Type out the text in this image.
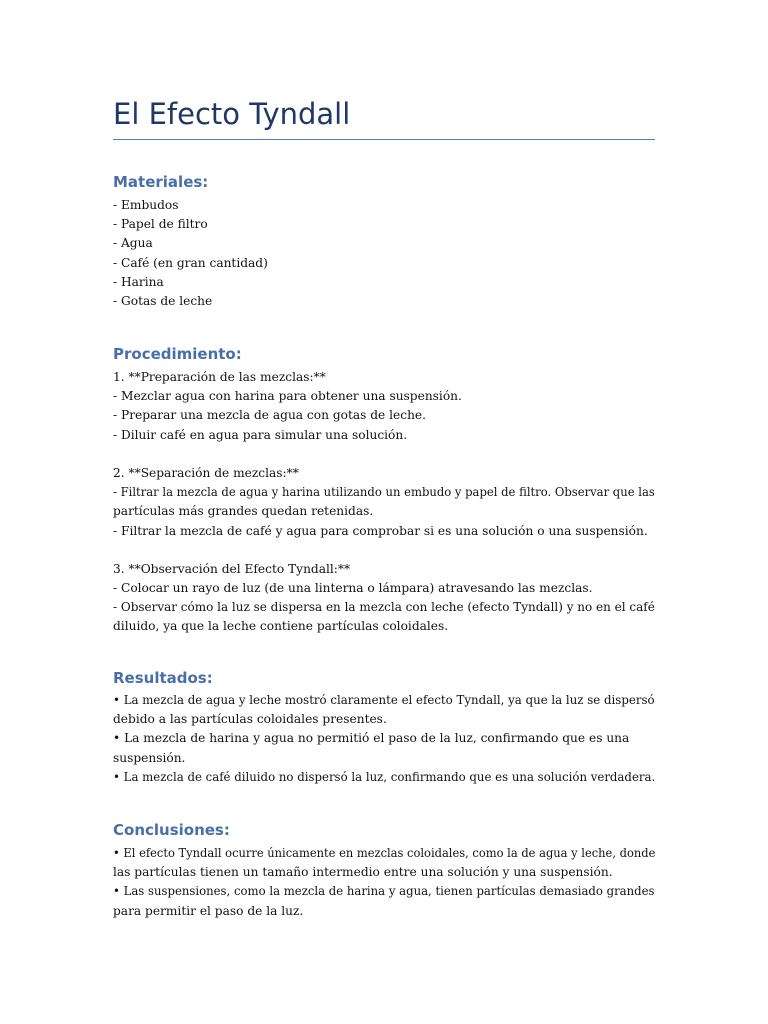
El Efecto Tyndall
Materiales:
- Embudos
- Papel de filtro
- Agua
- Café (en gran cantidad)
- Harina
- Gotas de leche
Procedimiento:
1. **Preparación de las mezclas:**
- Mezclar agua con harina para obtener una suspensión.
- Preparar una mezcla de agua con gotas de leche.
- Diluir café en agua para simular una solución.
2. **Separación de mezclas:**
- Filtrar la mezcla de agua y harina utilizando un embudo y papel de filtro. Observar que las
partículas más grandes quedan retenidas.
- Filtrar la mezcla de café y agua para comprobar si es una solución o una suspensión.
3. **Observación del Efecto Tyndall:**
- Colocar un rayo de luz (de una linterna o lámpara) atravesando las mezclas.
- Observar cómo la luz se dispersa en la mezcla con leche (efecto Tyndall) y no en el café
diluido, ya que la leche contiene partículas coloidales.
Resultados:
• La mezcla de agua y leche mostró claramente el efecto Tyndall, ya que la luz se dispersó
debido a las partículas coloidales presentes.
• La mezcla de harina y agua no permitió el paso de la luz, confirmando que es una
suspensión.
• La mezcla de café diluido no dispersó la luz, confirmando que es una solución verdadera.
Conclusiones:
• El efecto Tyndall ocurre únicamente en mezclas coloidales, como la de agua y leche, donde
las partículas tienen un tamaño intermedio entre una solución y una suspensión.
• Las suspensiones, como la mezcla de harina y agua, tienen partículas demasiado grandes
para permitir el paso de la luz.
